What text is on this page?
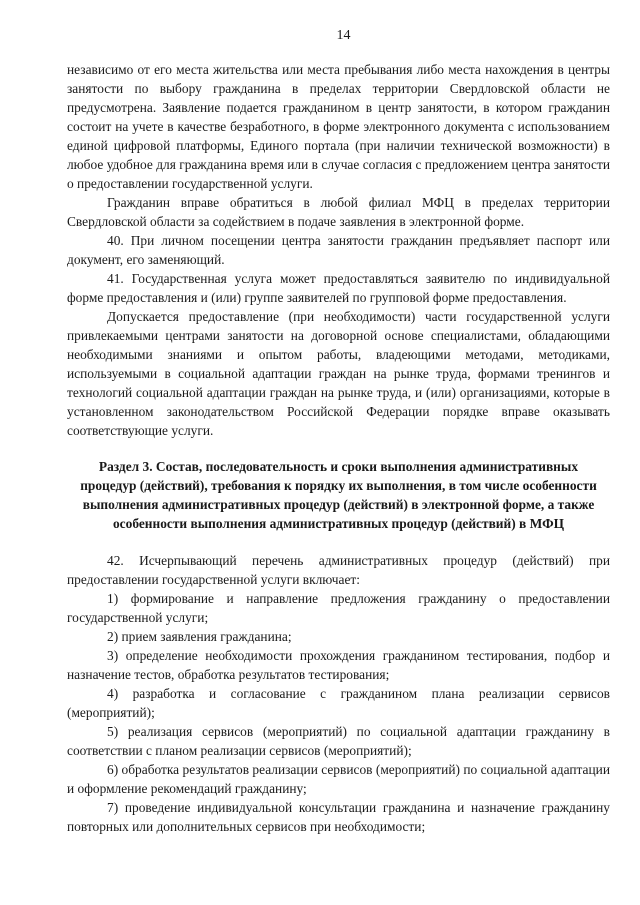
14

независимо от его места жительства или места пребывания либо места нахождения в центры занятости по выбору гражданина в пределах территории Свердловской области не предусмотрена. Заявление подается гражданином в центр занятости, в котором гражданин состоит на учете в качестве безработного, в форме электронного документа с использованием единой цифровой платформы, Единого портала (при наличии технической возможности) в любое удобное для гражданина время или в случае согласия с предложением центра занятости о предоставлении государственной услуги.

Гражданин вправе обратиться в любой филиал МФЦ в пределах территории Свердловской области за содействием в подаче заявления в электронной форме.

40. При личном посещении центра занятости гражданин предъявляет паспорт или документ, его заменяющий.

41. Государственная услуга может предоставляться заявителю по индивидуальной форме предоставления и (или) группе заявителей по групповой форме предоставления.

Допускается предоставление (при необходимости) части государственной услуги привлекаемыми центрами занятости на договорной основе специалистами, обладающими необходимыми знаниями и опытом работы, владеющими методами, методиками, используемыми в социальной адаптации граждан на рынке труда, формами тренингов и технологий социальной адаптации граждан на рынке труда, и (или) организациями, которые в установленном законодательством Российской Федерации порядке вправе оказывать соответствующие услуги.

Раздел 3. Состав, последовательность и сроки выполнения административных процедур (действий), требования к порядку их выполнения, в том числе особенности выполнения административных процедур (действий) в электронной форме, а также особенности выполнения административных процедур (действий) в МФЦ

42. Исчерпывающий перечень административных процедур (действий) при предоставлении государственной услуги включает:

1) формирование и направление предложения гражданину о предоставлении государственной услуги;

2) прием заявления гражданина;

3) определение необходимости прохождения гражданином тестирования, подбор и назначение тестов, обработка результатов тестирования;

4) разработка и согласование с гражданином плана реализации сервисов (мероприятий);

5) реализация сервисов (мероприятий) по социальной адаптации гражданину в соответствии с планом реализации сервисов (мероприятий);

6) обработка результатов реализации сервисов (мероприятий) по социальной адаптации и оформление рекомендаций гражданину;

7) проведение индивидуальной консультации гражданина и назначение гражданину повторных или дополнительных сервисов при необходимости;
